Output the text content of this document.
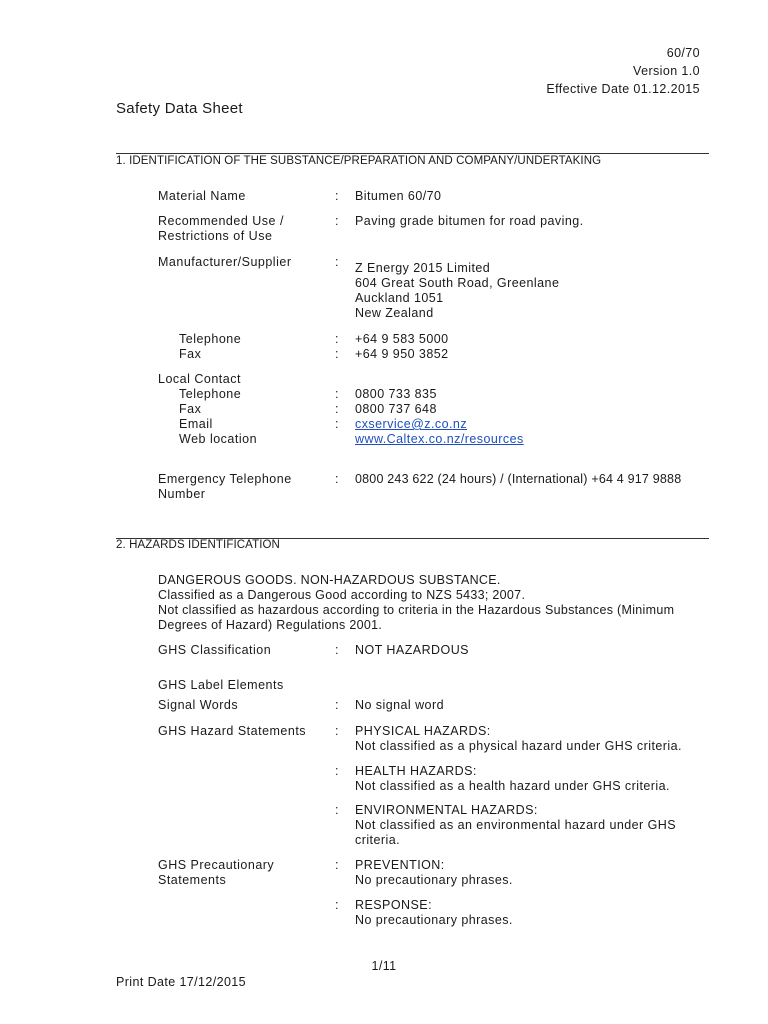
60/70
Version 1.0
Effective Date 01.12.2015
Safety Data Sheet
1. IDENTIFICATION OF THE SUBSTANCE/PREPARATION AND COMPANY/UNDERTAKING
Material Name	: Bitumen 60/70
Recommended Use /
Restrictions of Use
: Paving grade bitumen for road paving.
Manufacturer/Supplier	: Z Energy 2015 Limited
604 Great South Road, Greenlane
Auckland 1051
New Zealand
Telephone	: +64 9 583 5000
Fax	: +64 9 950 3852
Local Contact
Telephone	: 0800 733 835
Fax	: 0800 737 648
Email	: cxservice@z.co.nz
Web location	www.Caltex.co.nz/resources
Emergency Telephone
Number
: 0800 243 622 (24 hours) / (International) +64 4 917 9888
2. HAZARDS IDENTIFICATION
DANGEROUS GOODS. NON-HAZARDOUS SUBSTANCE.
Classified as a Dangerous Good according to NZS 5433; 2007.
Not classified as hazardous according to criteria in the Hazardous Substances (Minimum
Degrees of Hazard) Regulations 2001.
GHS Classification	: NOT HAZARDOUS
GHS Label Elements
Signal Words	: No signal word
GHS Hazard Statements : PHYSICAL HAZARDS:
Not classified as a physical hazard under GHS criteria.
: HEALTH HAZARDS:
Not classified as a health hazard under GHS criteria.
: ENVIRONMENTAL HAZARDS:
Not classified as an environmental hazard under GHS
criteria.
GHS Precautionary
Statements
: PREVENTION:
No precautionary phrases.
: RESPONSE:
No precautionary phrases.
1/11
Print Date 17/12/2015
